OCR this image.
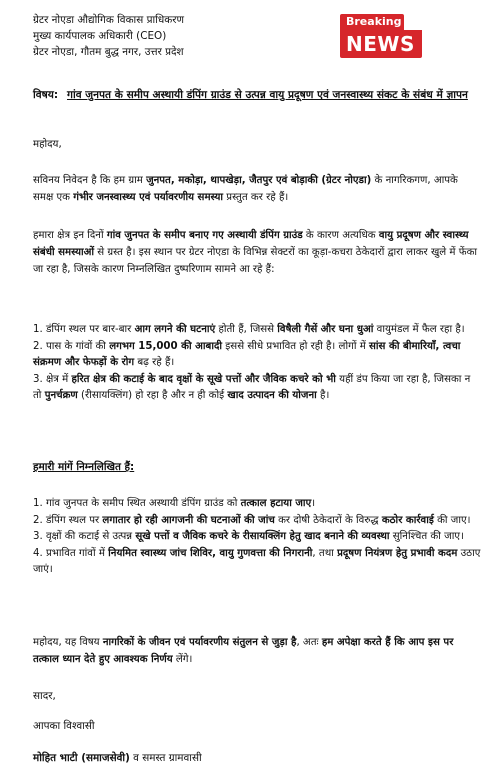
Breaking
NEWS

ग्रेटर नोएडा औद्योगिक विकास प्राधिकरण

मुख्य कार्यपालक अधिकारी (CEO)

ग्रेटर नोएडा, गौतम बुद्ध नगर, उत्तर प्रदेश

विषय: गांव जुनपत के समीप अस्थायी डंपिंग ग्राउंड से उत्पन्न वायु प्रदूषण एवं जनस्वास्थ्य संकट के संबंध में ज्ञापन

महोदय,

सविनय निवेदन है कि हम ग्राम जुनपत, मकोड़ा, थापखेड़ा, जैतपुर एवं बोड़ाकी (ग्रेटर नोएडा) के नागरिकगण, आपके समक्ष एक गंभीर जनस्वास्थ्य एवं पर्यावरणीय समस्या प्रस्तुत कर रहे हैं।

हमारा क्षेत्र इन दिनों गांव जुनपत के समीप बनाए गए अस्थायी डंपिंग ग्राउंड के कारण अत्यधिक वायु प्रदूषण और स्वास्थ्य संबंधी समस्याओं से ग्रस्त है। इस स्थान पर ग्रेटर नोएडा के विभिन्न सेक्टरों का कूड़ा-कचरा ठेकेदारों द्वारा लाकर खुले में फेंका जा रहा है, जिसके कारण निम्नलिखित दुष्परिणाम सामने आ रहे हैं:

1. डंपिंग स्थल पर बार-बार आग लगने की घटनाएं होती हैं, जिससे विषैली गैसें और घना धुआं वायुमंडल में फैल रहा है।
2. पास के गांवों की लगभग 15,000 की आबादी इससे सीधे प्रभावित हो रही है। लोगों में सांस की बीमारियाँ, त्वचा संक्रमण और फेफड़ों के रोग बढ़ रहे हैं।
3. क्षेत्र में हरित क्षेत्र की कटाई के बाद वृक्षों के सूखे पत्तों और जैविक कचरे को भी यहीं डंप किया जा रहा है, जिसका न तो पुनर्चक्रण (रीसायक्लिंग) हो रहा है और न ही कोई खाद उत्पादन की योजना है।
हमारी मांगें निम्नलिखित हैं:
1. गांव जुनपत के समीप स्थित अस्थायी डंपिंग ग्राउंड को तत्काल हटाया जाए।
2. डंपिंग स्थल पर लगातार हो रही आगजनी की घटनाओं की जांच कर दोषी ठेकेदारों के विरुद्ध कठोर कार्रवाई की जाए।
3. वृक्षों की कटाई से उत्पन्न सूखे पत्तों व जैविक कचरे के रीसायक्लिंग हेतु खाद बनाने की व्यवस्था सुनिश्चित की जाए।
4. प्रभावित गांवों में नियमित स्वास्थ्य जांच शिविर, वायु गुणवत्ता की निगरानी, तथा प्रदूषण नियंत्रण हेतु प्रभावी कदम उठाए जाएं।

महोदय, यह विषय नागरिकों के जीवन एवं पर्यावरणीय संतुलन से जुड़ा है, अतः हम अपेक्षा करते हैं कि आप इस पर तत्काल ध्यान देते हुए आवश्यक निर्णय लेंगे।

सादर,
आपका विश्वासी
मोहित भाटी (समाजसेवी) व समस्त ग्रामवासी
